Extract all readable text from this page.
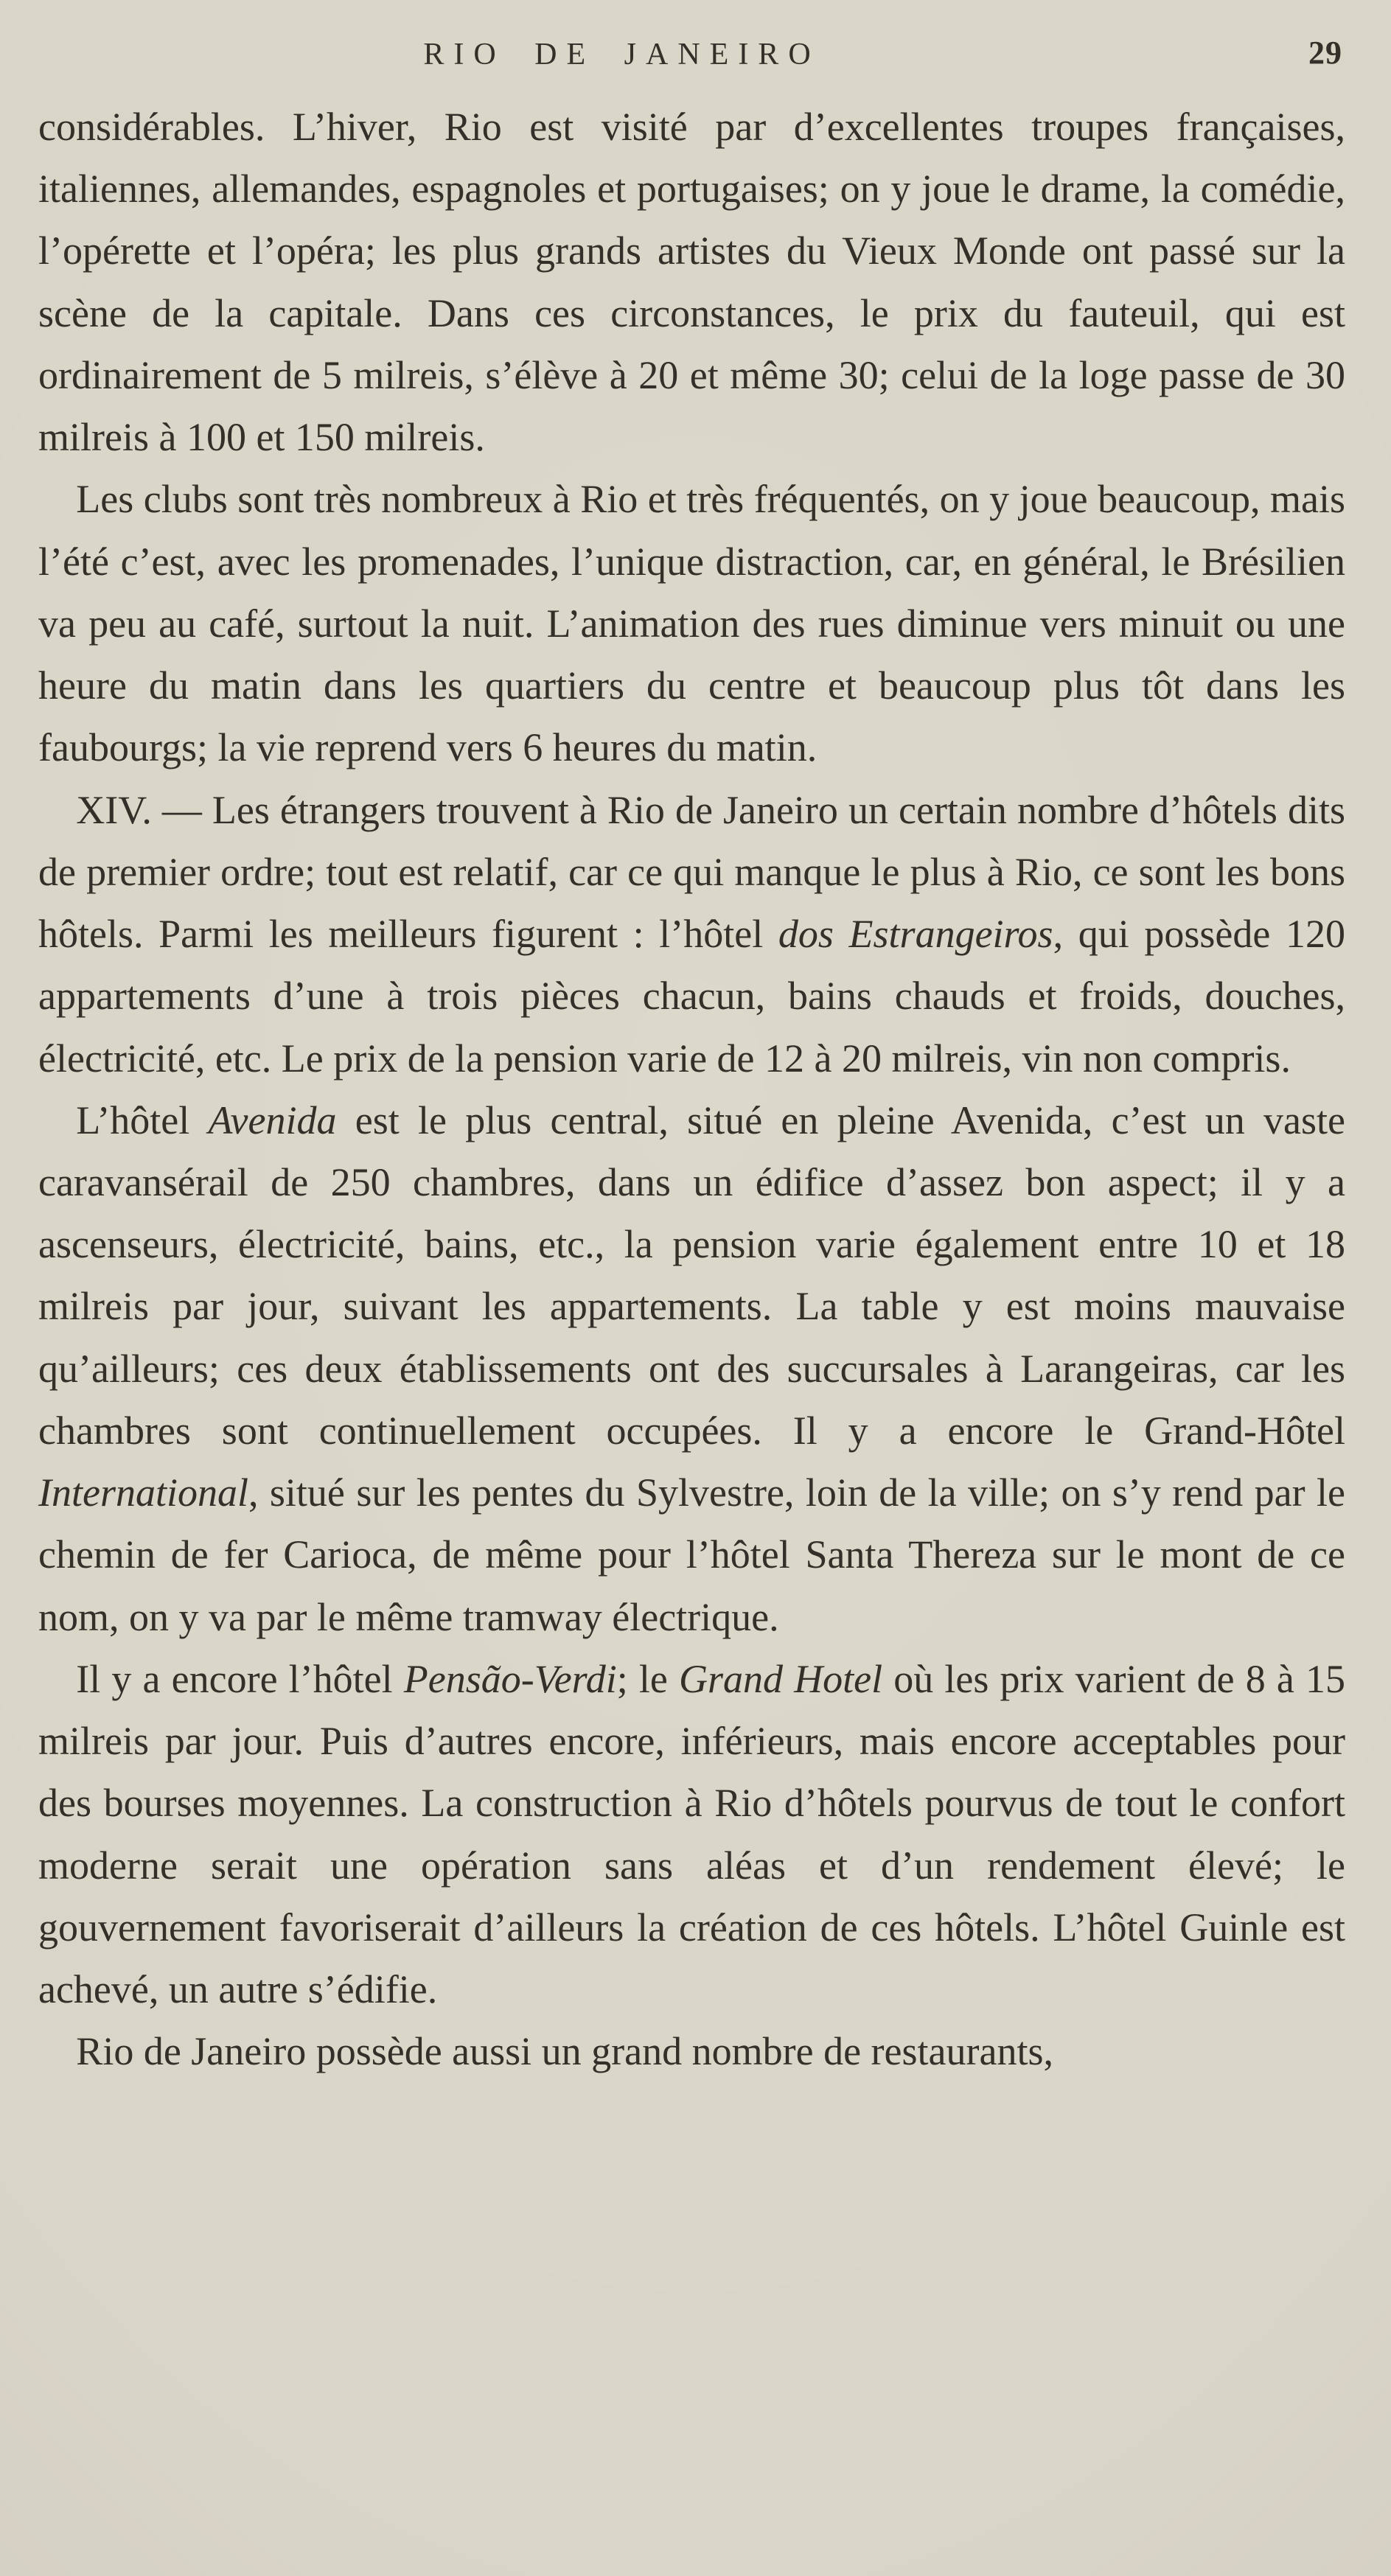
RIO DE JANEIRO	29

considérables. L’hiver, Rio est visité par d’excellentes troupes françaises, italiennes, allemandes, espagnoles et portugaises; on y joue le drame, la comédie, l’opérette et l’opéra; les plus grands artistes du Vieux Monde ont passé sur la scène de la capitale. Dans ces circonstances, le prix du fauteuil, qui est ordinairement de 5 milreis, s’élève à 20 et même 30; celui de la loge passe de 30 milreis à 100 et 150 milreis.

Les clubs sont très nombreux à Rio et très fréquentés, on y joue beaucoup, mais l’été c’est, avec les promenades, l’unique distraction, car, en général, le Brésilien va peu au café, surtout la nuit. L’animation des rues diminue vers minuit ou une heure du matin dans les quartiers du centre et beaucoup plus tôt dans les faubourgs; la vie reprend vers 6 heures du matin.

XIV. — Les étrangers trouvent à Rio de Janeiro un certain nombre d’hôtels dits de premier ordre; tout est relatif, car ce qui manque le plus à Rio, ce sont les bons hôtels. Parmi les meilleurs figurent : l’hôtel dos Estrangeiros, qui possède 120 appartements d’une à trois pièces chacun, bains chauds et froids, douches, électricité, etc. Le prix de la pension varie de 12 à 20 milreis, vin non compris.

L’hôtel Avenida est le plus central, situé en pleine Avenida, c’est un vaste caravansérail de 250 chambres, dans un édifice d’assez bon aspect; il y a ascenseurs, électricité, bains, etc., la pension varie également entre 10 et 18 milreis par jour, suivant les appartements. La table y est moins mauvaise qu’ailleurs; ces deux établissements ont des succursales à Larangeiras, car les chambres sont continuellement occupées. Il y a encore le Grand-Hôtel International, situé sur les pentes du Sylvestre, loin de la ville; on s’y rend par le chemin de fer Carioca, de même pour l’hôtel Santa Thereza sur le mont de ce nom, on y va par le même tramway électrique.

Il y a encore l’hôtel Pensão-Verdi; le Grand Hotel où les prix varient de 8 à 15 milreis par jour. Puis d’autres encore, inférieurs, mais encore acceptables pour des bourses moyennes. La construction à Rio d’hôtels pourvus de tout le confort moderne serait une opération sans aléas et d’un rendement élevé; le gouvernement favoriserait d’ailleurs la création de ces hôtels. L’hôtel Guinle est achevé, un autre s’édifie.

Rio de Janeiro possède aussi un grand nombre de restaurants,
